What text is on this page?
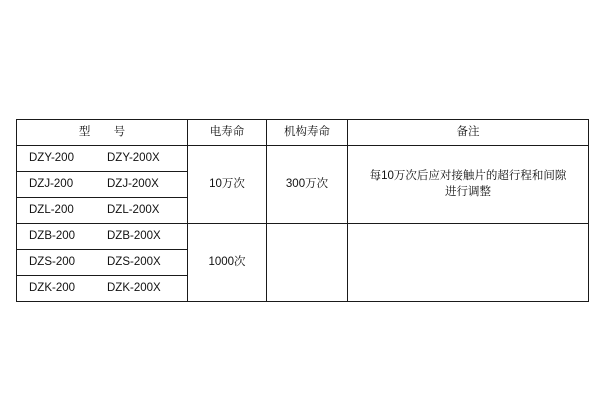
型 号	电寿命	机构寿命	备注
DZY-200 DZY-200X	10万次	300万次	每10万次后应对接触片的超行程和间隙
进行调整

DZJ-200 DZJ-200X			
DZL-200 DZL-200X			
DZB-200 DZB-200X	1000次		
DZS-200 DZS-200X			
DZK-200 DZK-200X			
